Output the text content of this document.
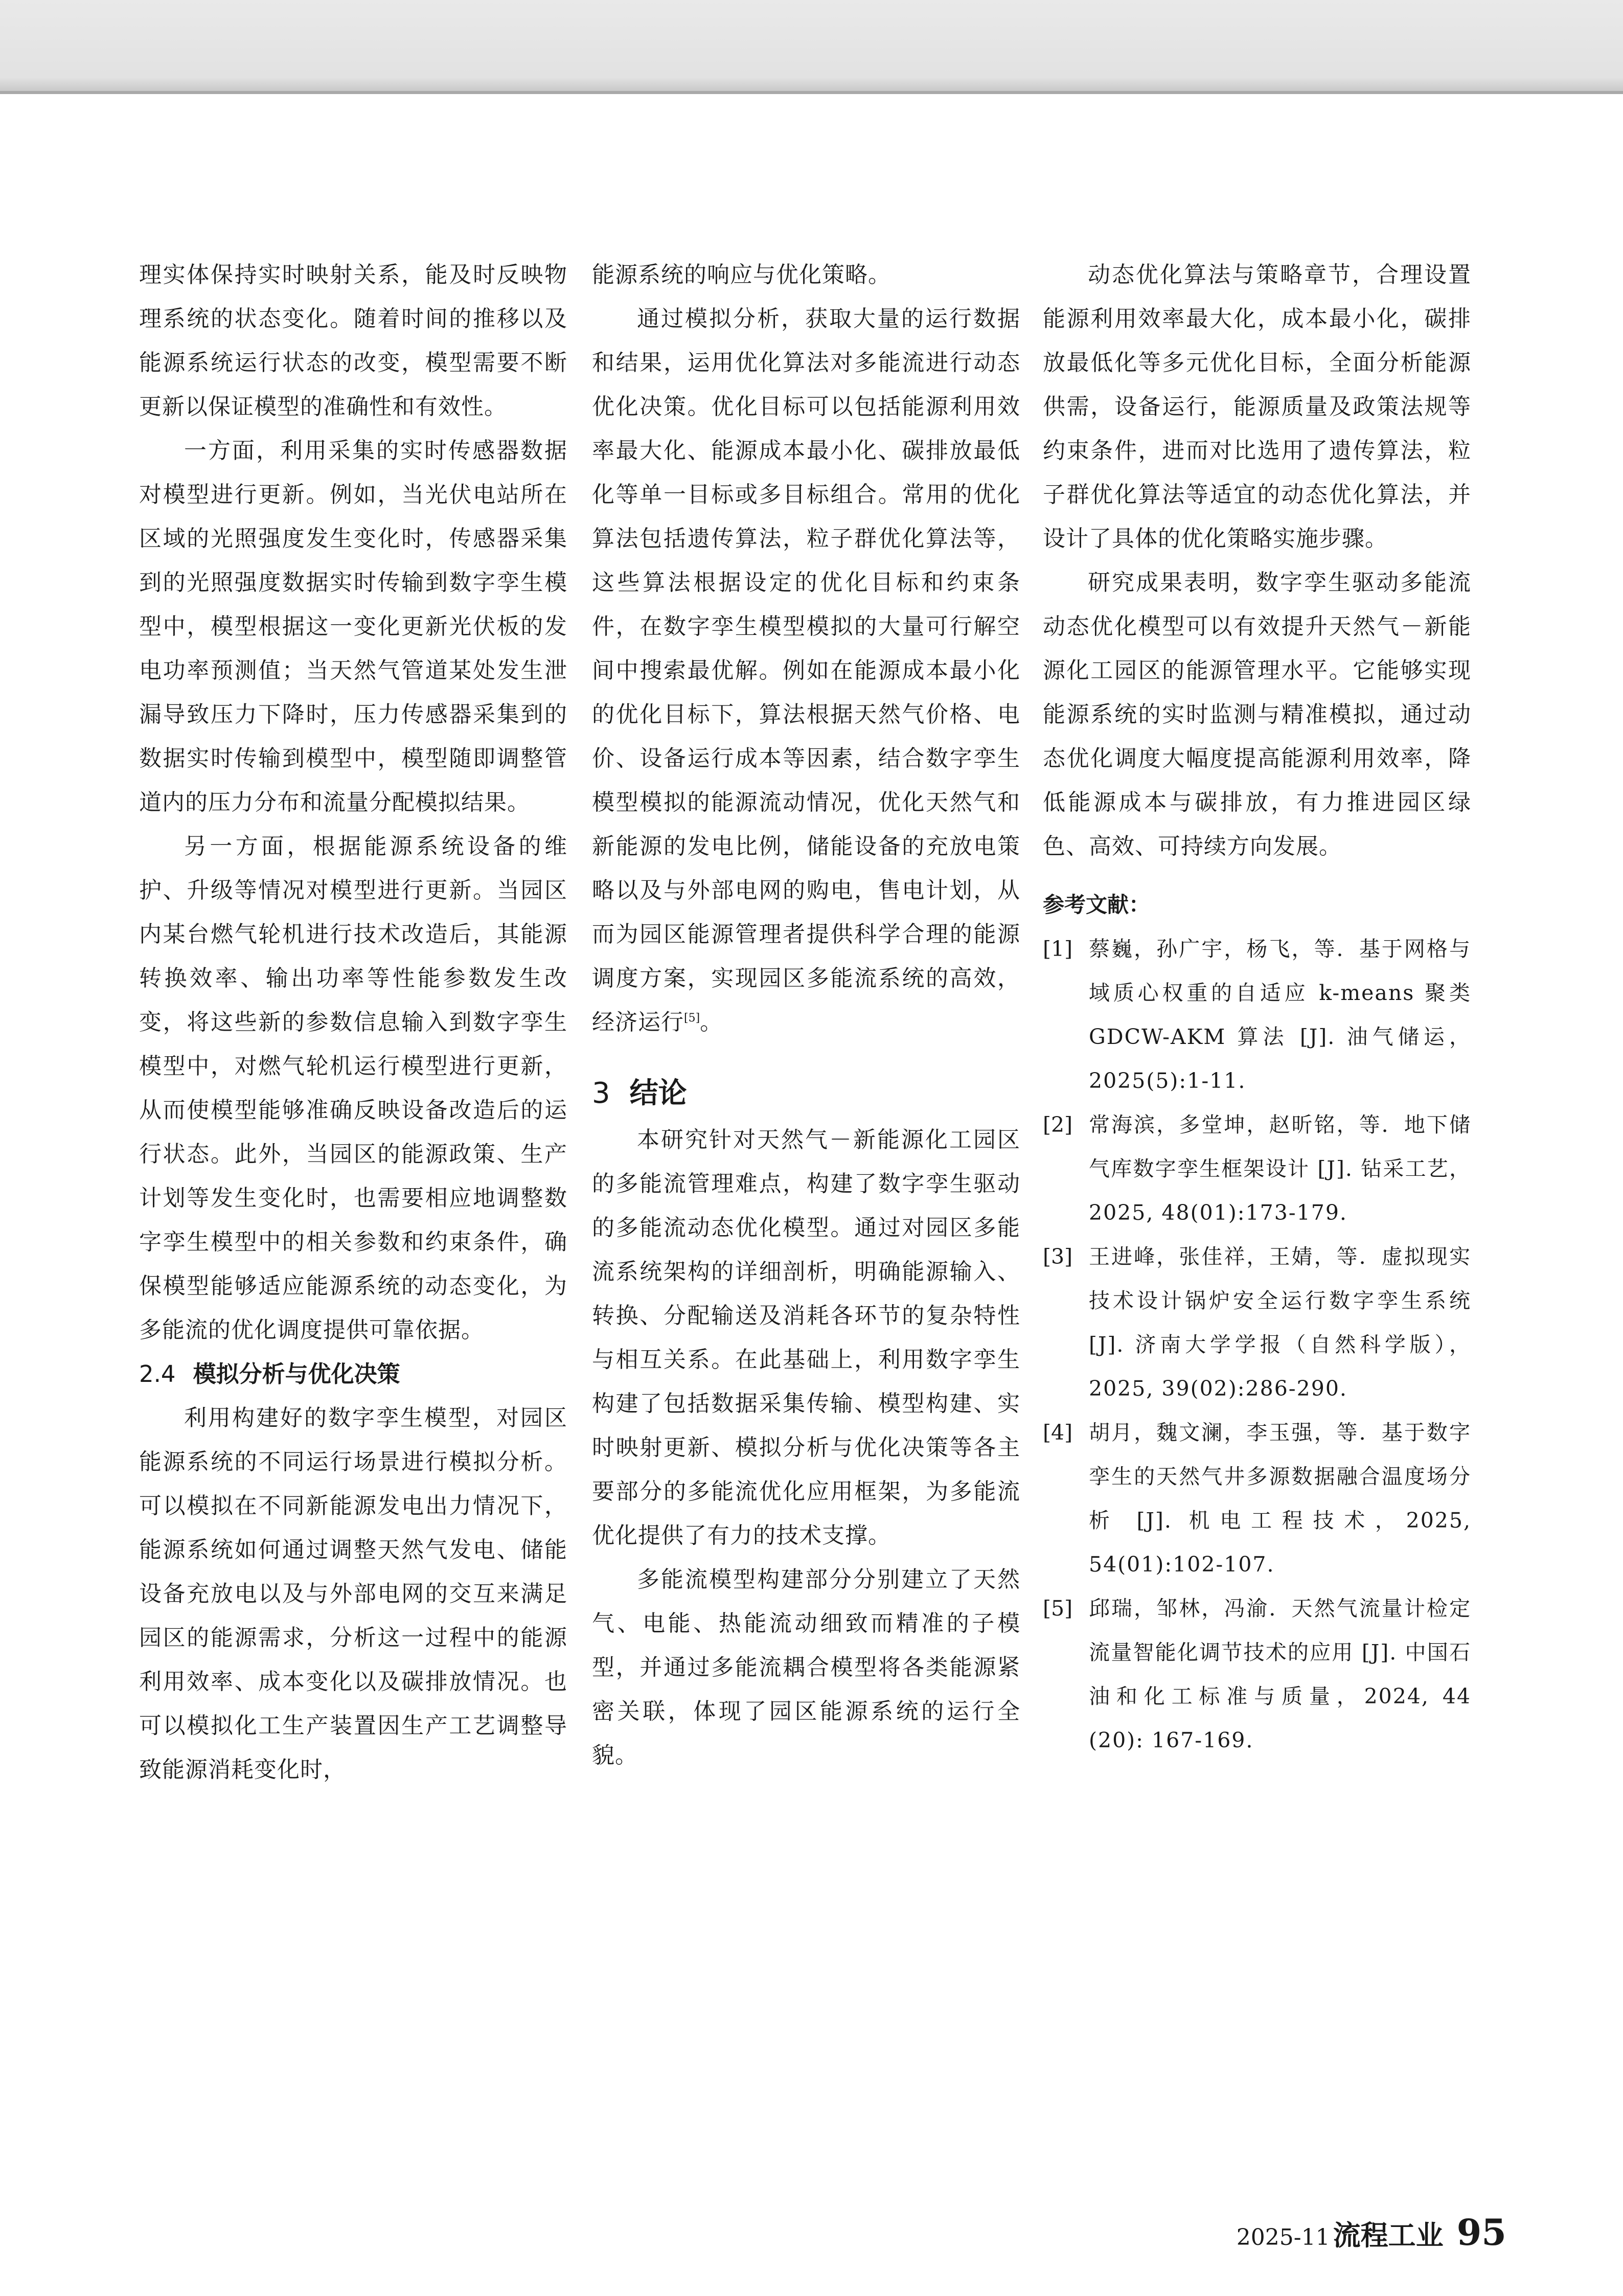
理实体保持实时映射关系，能及时反映物理系统的状态变化。随着时间的推移以及能源系统运行状态的改变，模型需要不断更新以保证模型的准确性和有效性。

一方面，利用采集的实时传感器数据对模型进行更新。例如，当光伏电站所在区域的光照强度发生变化时，传感器采集到的光照强度数据实时传输到数字孪生模型中，模型根据这一变化更新光伏板的发电功率预测值；当天然气管道某处发生泄漏导致压力下降时，压力传感器采集到的数据实时传输到模型中，模型随即调整管道内的压力分布和流量分配模拟结果。

另一方面，根据能源系统设备的维护、升级等情况对模型进行更新。当园区内某台燃气轮机进行技术改造后，其能源转换效率、输出功率等性能参数发生改变，将这些新的参数信息输入到数字孪生模型中，对燃气轮机运行模型进行更新，从而使模型能够准确反映设备改造后的运行状态。此外，当园区的能源政策、生产计划等发生变化时，也需要相应地调整数字孪生模型中的相关参数和约束条件，确保模型能够适应能源系统的动态变化，为多能流的优化调度提供可靠依据。

2.4 模拟分析与优化决策

利用构建好的数字孪生模型，对园区能源系统的不同运行场景进行模拟分析。可以模拟在不同新能源发电出力情况下，能源系统如何通过调整天然气发电、储能设备充放电以及与外部电网的交互来满足园区的能源需求，分析这一过程中的能源利用效率、成本变化以及碳排放情况。也可以模拟化工生产装置因生产工艺调整导致能源消耗变化时，

能源系统的响应与优化策略。

通过模拟分析，获取大量的运行数据和结果，运用优化算法对多能流进行动态优化决策。优化目标可以包括能源利用效率最大化、能源成本最小化、碳排放最低化等单一目标或多目标组合。常用的优化算法包括遗传算法，粒子群优化算法等，这些算法根据设定的优化目标和约束条件，在数字孪生模型模拟的大量可行解空间中搜索最优解。例如在能源成本最小化的优化目标下，算法根据天然气价格、电价、设备运行成本等因素，结合数字孪生模型模拟的能源流动情况，优化天然气和新能源的发电比例，储能设备的充放电策略以及与外部电网的购电，售电计划，从而为园区能源管理者提供科学合理的能源调度方案，实现园区多能流系统的高效，经济运行[5]。

3 结论

本研究针对天然气－新能源化工园区的多能流管理难点，构建了数字孪生驱动的多能流动态优化模型。通过对园区多能流系统架构的详细剖析，明确能源输入、转换、分配输送及消耗各环节的复杂特性与相互关系。在此基础上，利用数字孪生构建了包括数据采集传输、模型构建、实时映射更新、模拟分析与优化决策等各主要部分的多能流优化应用框架，为多能流优化提供了有力的技术支撑。

多能流模型构建部分分别建立了天然气、电能、热能流动细致而精准的子模型，并通过多能流耦合模型将各类能源紧密关联，体现了园区能源系统的运行全貌。

动态优化算法与策略章节，合理设置能源利用效率最大化，成本最小化，碳排放最低化等多元优化目标，全面分析能源供需，设备运行，能源质量及政策法规等约束条件，进而对比选用了遗传算法，粒子群优化算法等适宜的动态优化算法，并设计了具体的优化策略实施步骤。

研究成果表明，数字孪生驱动多能流动态优化模型可以有效提升天然气－新能源化工园区的能源管理水平。它能够实现能源系统的实时监测与精准模拟，通过动态优化调度大幅度提高能源利用效率，降低能源成本与碳排放，有力推进园区绿色、高效、可持续方向发展。

参考文献：
[1] 蔡巍，孙广宇，杨飞，等．基于网格与域质心权重的自适应 k-means 聚类 GDCW-AKM 算法 [J]. 油气储运，2025(5):1-11.
[2] 常海滨，多堂坤，赵昕铭，等．地下储气库数字孪生框架设计 [J]. 钻采工艺，2025, 48(01):173-179.
[3] 王进峰，张佳祥，王婧，等．虚拟现实技术设计锅炉安全运行数字孪生系统 [J]. 济南大学学报（自然科学版），2025, 39(02):286-290.
[4] 胡月，魏文澜，李玉强，等．基于数字孪生的天然气井多源数据融合温度场分析 [J]. 机电工程技术，2025, 54(01):102-107.
[5] 邱瑞，邹林，冯渝．天然气流量计检定流量智能化调节技术的应用 [J]. 中国石油和化工标准与质量，2024, 44 (20): 167-169.
2025-11 流程工业 95
